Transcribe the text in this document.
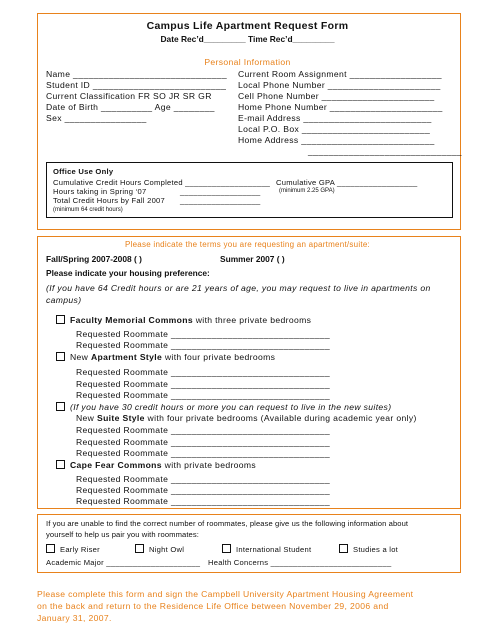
Campus Life Apartment Request Form
Date Rec’d_________ Time Rec’d_________
Personal Information
Name ______________________________
Student ID __________________________
Current Classification FR SO JR SR GR
Date of Birth __________ Age ________
Sex ________________
Current Room Assignment __________________
Local Phone Number ______________________
Cell Phone Number ______________________
Home Phone Number ______________________
E-mail Address _________________________
Local P.O. Box _________________________
Home Address __________________________
______________________________
Office Use Only
Cumulative Credit Hours Completed ___________________
Hours taking in Spring ‘07	__________________
Total Credit Hours by Fall 2007 __________________
(minimum 64 credit hours)
Cumulative GPA __________________
(minimum 2.25 GPA)
Please indicate the terms you are requesting an apartment/suite:
Fall/Spring 2007-2008 ( )	Summer 2007 ( )
Please indicate your housing preference:
(If you have 64 Credit hours or are 21 years of age, you may request to live in apartments on
campus)
Faculty Memorial Commons with three private bedrooms
Requested Roommate _______________________________
Requested Roommate _______________________________
New Apartment Style with four private bedrooms
Requested Roommate _______________________________
Requested Roommate _______________________________
Requested Roommate _______________________________
(If you have 30 credit hours or more you can request to live in the new suites)
New Suite Style with four private bedrooms (Available during academic year only)
Requested Roommate _______________________________
Requested Roommate _______________________________
Requested Roommate _______________________________
Cape Fear Commons with private bedrooms
Requested Roommate _______________________________
Requested Roommate _______________________________
Requested Roommate _______________________________
If you are unable to find the correct number of roommates, please give us the following information about
yourself to help us pair you with roommates:
Early Riser	Night Owl	International Student	Studies a lot
Academic Major _____________________ Health Concerns ___________________________
Please complete this form and sign the Campbell University Apartment Housing Agreement
on the back and return to the Residence Life Office between November 29, 2006 and
January 31, 2007.
